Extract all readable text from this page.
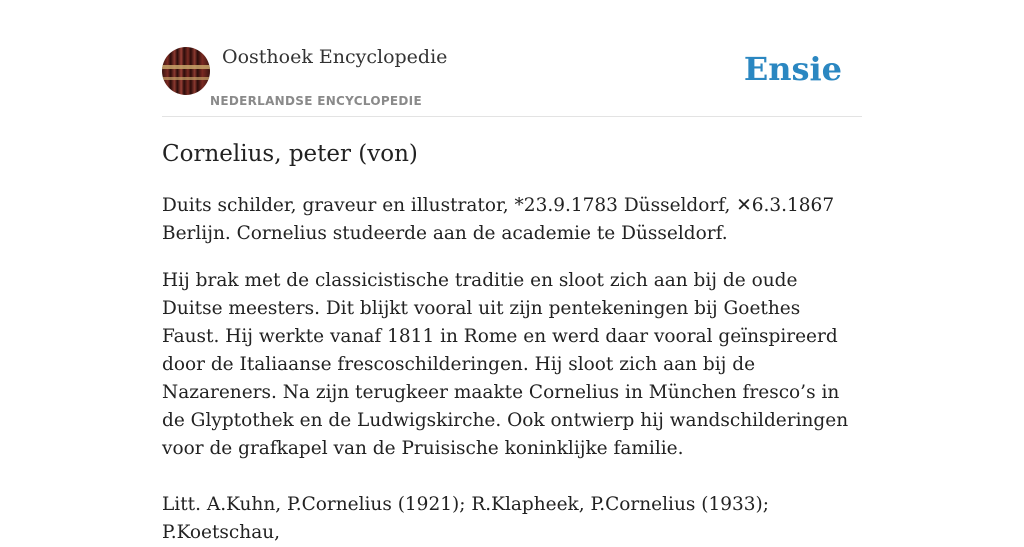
Oosthoek Encyclopedie
NEDERLANDSE ENCYCLOPEDIE
Ensie
Cornelius, peter (von)

Duits schilder, graveur en illustrator, *23.9.1783 Düsseldorf, ✕6.3.1867 Berlijn. Cornelius studeerde aan de academie te Düsseldorf.

Hij brak met de classicistische traditie en sloot zich aan bij de oude Duitse meesters. Dit blijkt vooral uit zijn pentekeningen bij Goethes Faust. Hij werkte vanaf 1811 in Rome en werd daar vooral geïnspireerd door de Italiaanse frescoschilderingen. Hij sloot zich aan bij de Nazareners. Na zijn terugkeer maakte Cornelius in München fresco’s in de Glyptothek en de Ludwigskirche. Ook ontwierp hij wandschilderingen voor de grafkapel van de Pruisische koninklijke familie.

Litt. A.Kuhn, P.Cornelius (1921); R.Klapheek, P.Cornelius (1933); P.Koetschau,
